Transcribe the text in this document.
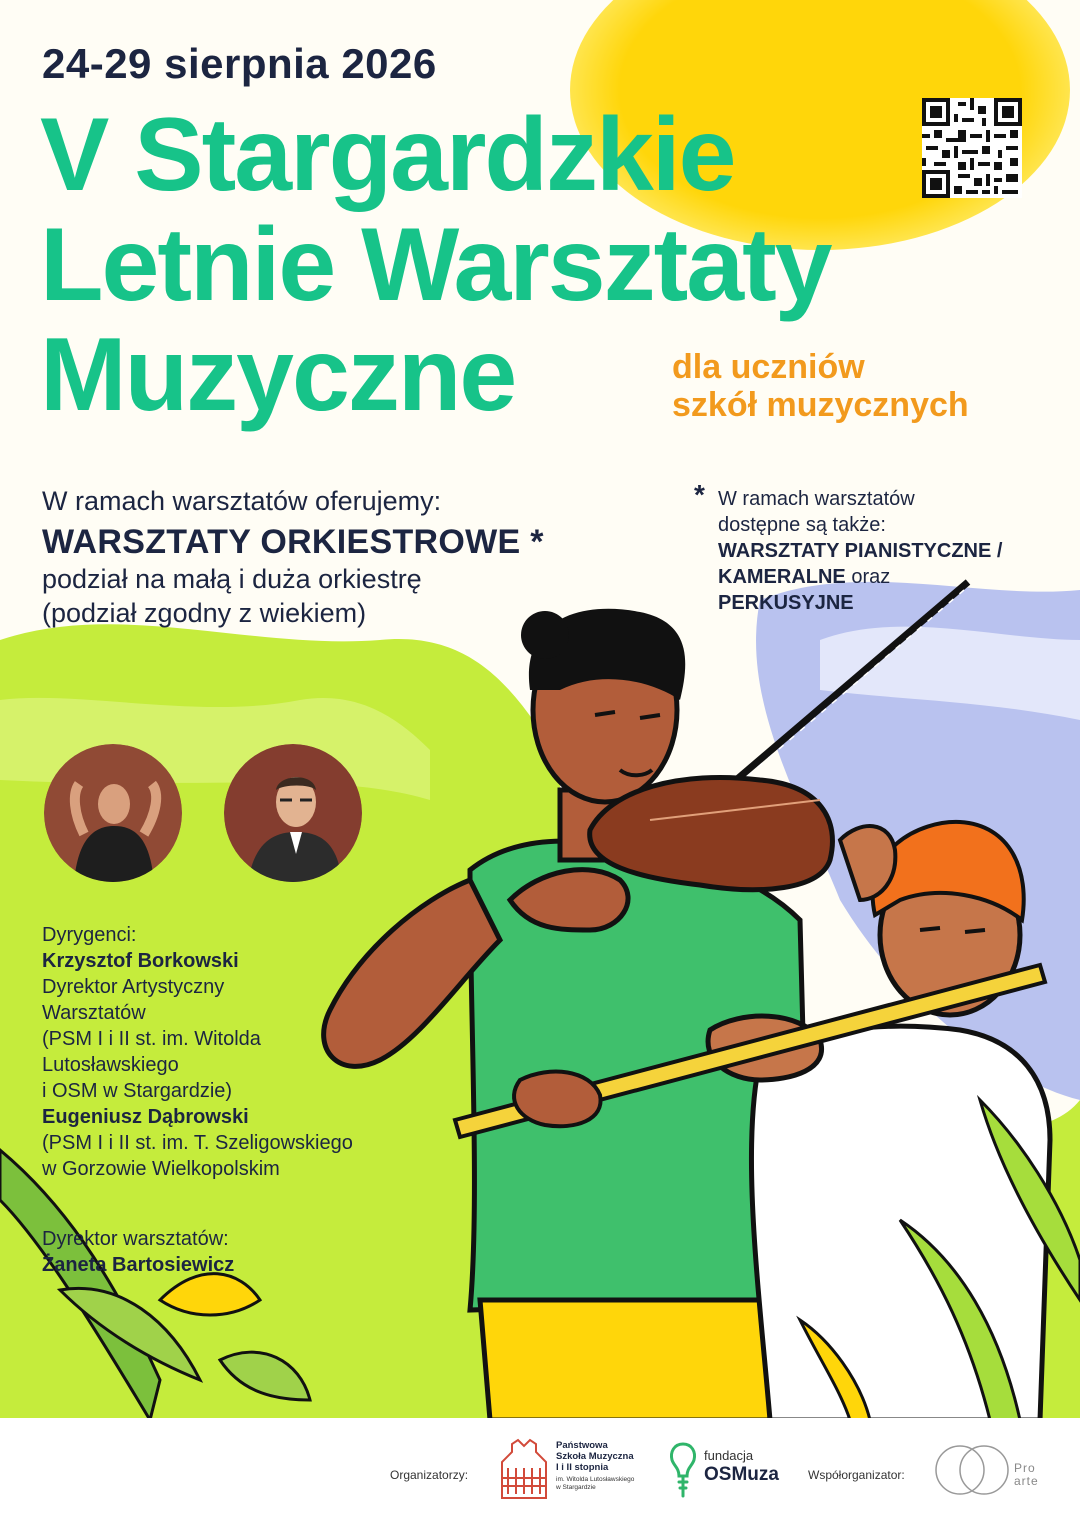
24-29 sierpnia 2026
V Stargardzkie
Letnie Warsztaty
Muzyczne	dla uczniów
szkół muzycznych
W ramach warsztatów oferujemy:
WARSZTATY ORKIESTROWE *
podział na małą i duża orkiestrę
(podział zgodny z wiekiem)
* W ramach warsztatów
dostępne są także:
WARSZTATY PIANISTYCZNE /
KAMERALNE oraz
PERKUSYJNE
Dyrygenci:
Krzysztof Borkowski
Dyrektor Artystyczny
Warsztatów
(PSM I i II st. im. Witolda
Lutosławskiego
i OSM w Stargardzie)
Eugeniusz Dąbrowski
(PSM I i II st. im. T. Szeligowskiego
w Gorzowie Wielkopolskim
Dyrektor warsztatów:
Żaneta Bartosiewicz
Organizatorzy:
Państwowa
Szkoła Muzyczna
I i II stopnia
im. Witolda Lutosławskiego
w Stargardzie
fundacja
OSMuza Współorganizator:	Pro
arte
